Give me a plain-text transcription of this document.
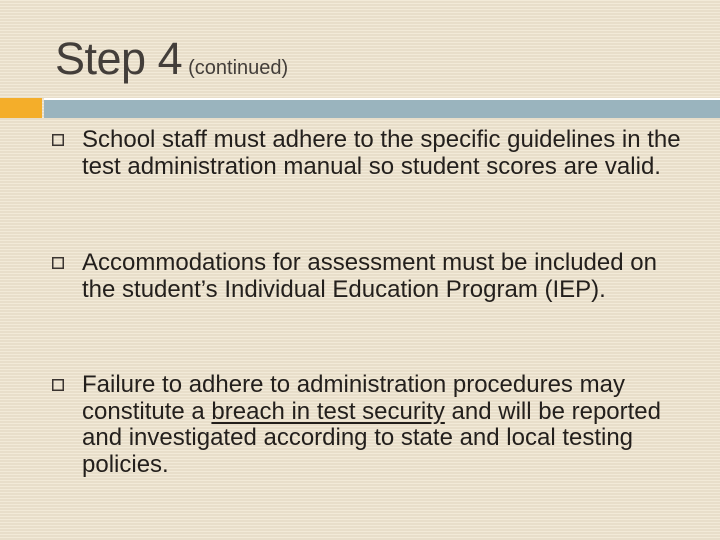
Step 4 (continued)
School staff must adhere to the specific guidelines in the test administration manual so student scores are valid.
Accommodations for assessment must be included on the student’s Individual Education Program (IEP).
Failure to adhere to administration procedures may constitute a breach in test security and will be reported and investigated according to state and local testing policies.
